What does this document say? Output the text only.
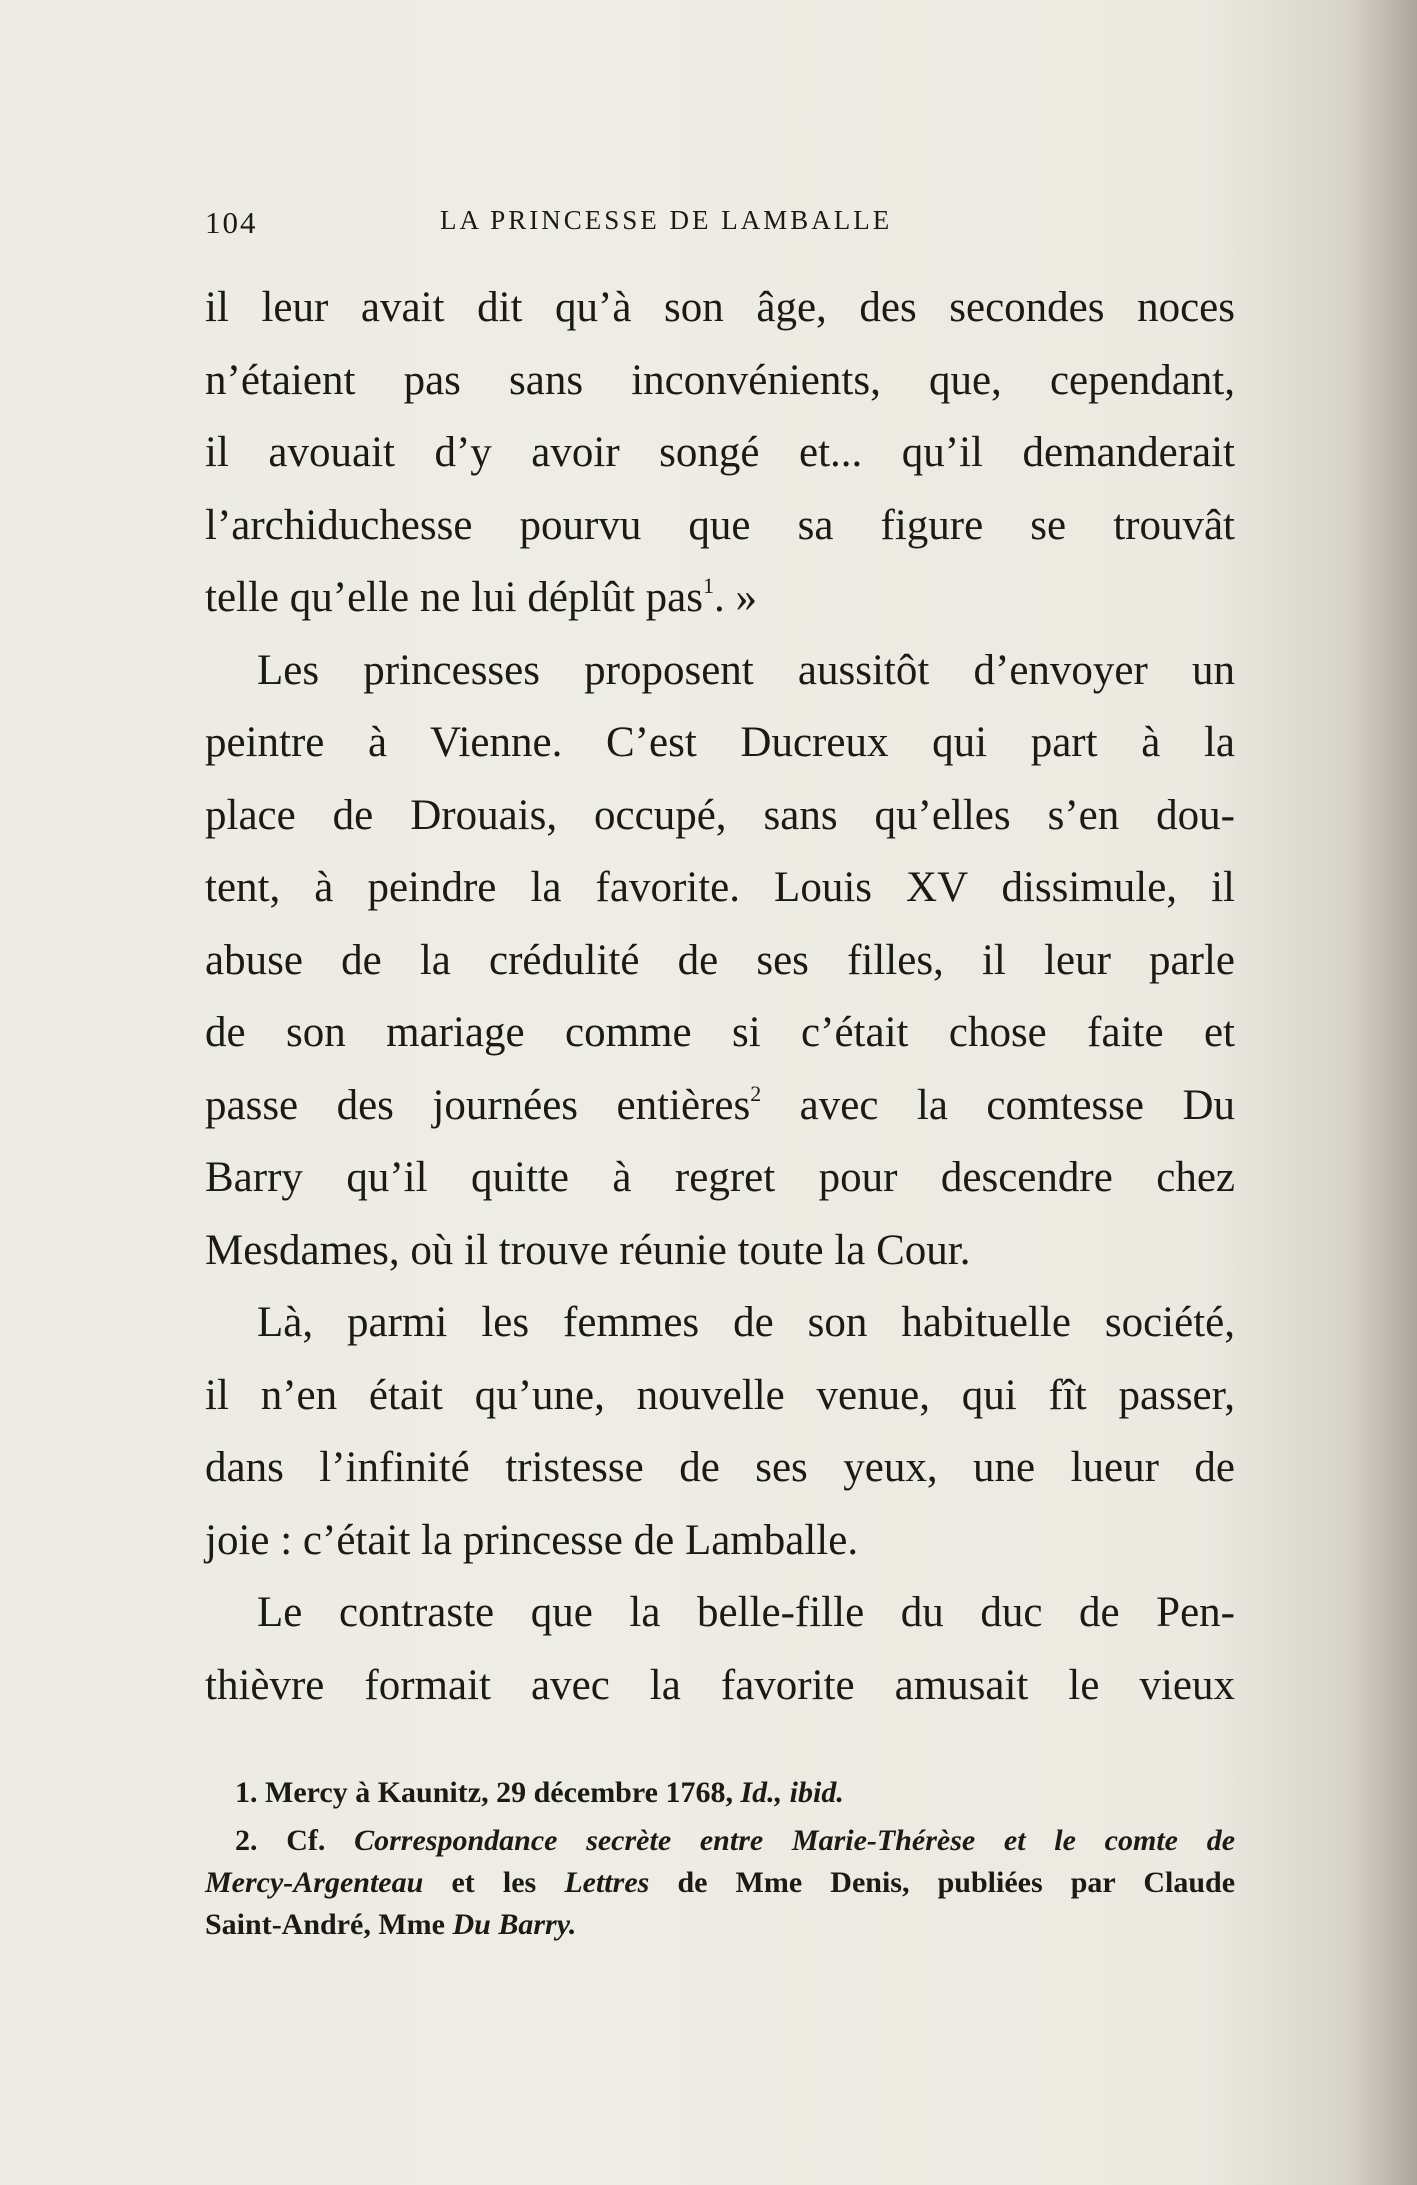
104	LA PRINCESSE DE LAMBALLE
il leur avait dit qu’à son âge, des secondes noces
n’étaient pas sans inconvénients, que, cependant,
il avouait d’y avoir songé et... qu’il demanderait
l’archiduchesse pourvu que sa figure se trouvât
telle qu’elle ne lui déplût pas$^1$. »
Les princesses proposent aussitôt d’envoyer un
peintre à Vienne. C’est Ducreux qui part à la
place de Drouais, occupé, sans qu’elles s’en dou-
tent, à peindre la favorite. Louis XV dissimule, il
abuse de la crédulité de ses filles, il leur parle
de son mariage comme si c’était chose faite et
passe des journées entières$^2$ avec la comtesse Du
Barry qu’il quitte à regret pour descendre chez
Mesdames, où il trouve réunie toute la Cour.
Là, parmi les femmes de son habituelle société,
il n’en était qu’une, nouvelle venue, qui fît passer,
dans l’infinité tristesse de ses yeux, une lueur de
joie : c’était la princesse de Lamballe.
Le contraste que la belle-fille du duc de Pen-
thièvre formait avec la favorite amusait le vieux
1. Mercy à Kaunitz, 29 décembre 1768, Id., ibid.
2. Cf. Correspondance secrète entre Marie-Thérèse et le comte de
Mercy-Argenteau et les Lettres de Mme Denis, publiées par Claude
Saint-André, Mme Du Barry.
